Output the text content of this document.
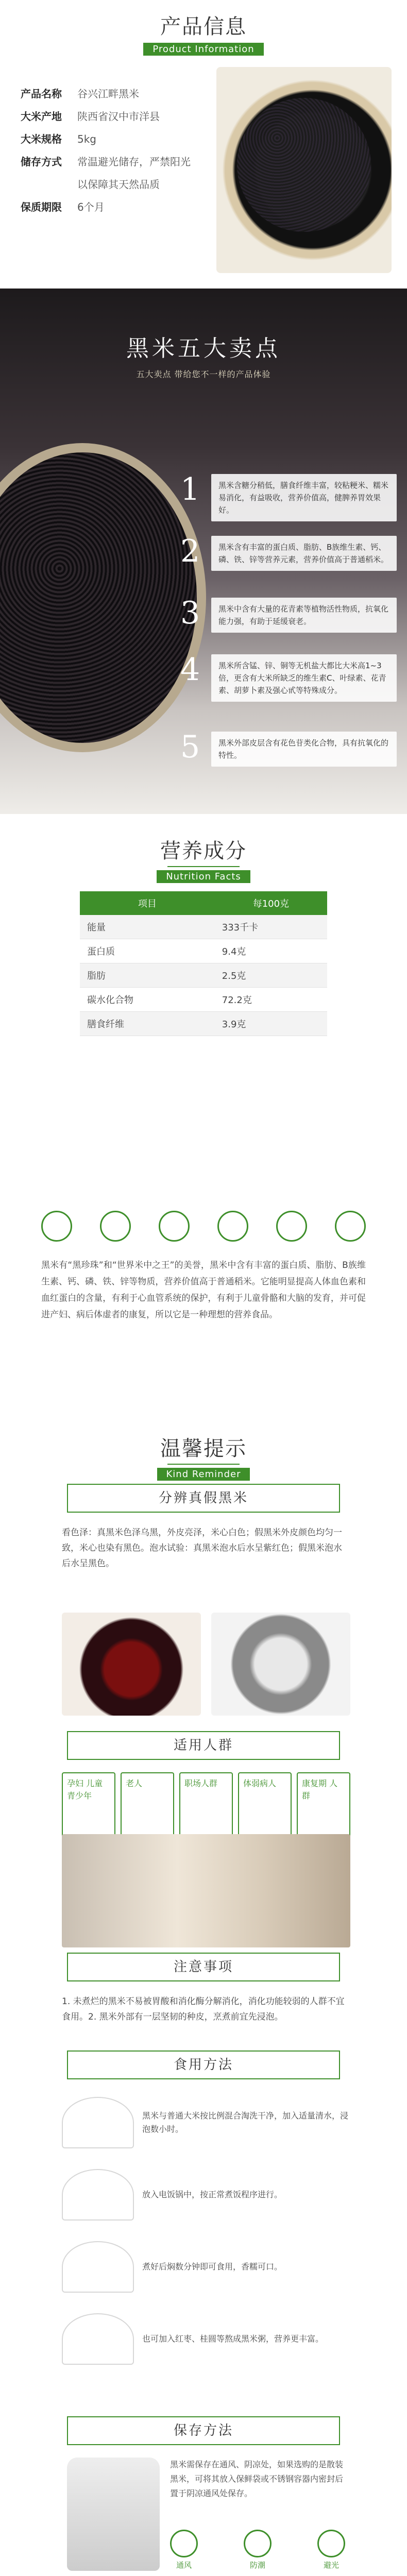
产品信息
Product Information
产品名称	谷兴江畔黑米
大米产地	陕西省汉中市洋县
大米规格	5kg
储存方式	常温避光储存，严禁阳光
以保障其天然品质
保质期限	6个月
黑米五大卖点
五大卖点 带给您不一样的产品体验
1	黑米含糖分稍低，膳食纤维丰富，较粘粳米、糯米易消化，有益吸收，营养价值高，健脾养胃效果好。
2	黑米含有丰富的蛋白质、脂肪、B族维生素、钙、磷、铁、锌等营养元素，营养价值高于普通稻米。
3	黑米中含有大量的花青素等植物活性物质，抗氧化能力强，有助于延缓衰老。
4	黑米所含锰、锌、铜等无机盐大都比大米高1~3倍，更含有大米所缺乏的维生素C、叶绿素、花青素、胡萝卜素及强心甙等特殊成分。
5	黑米外部皮层含有花色苷类化合物，具有抗氧化的特性。
营养成分
Nutrition Facts
项目	每100克
能量	333千卡
蛋白质	9.4克
脂肪	2.5克
碳水化合物	72.2克
膳食纤维	3.9克
黑米有“黑珍珠”和“世界米中之王”的美誉，黑米中含有丰富的蛋白质、脂肪、B族维生素、钙、磷、铁、锌等物质，营养价值高于普通稻米。它能明显提高人体血色素和血红蛋白的含量，有利于心血管系统的保护，有利于儿童骨骼和大脑的发育，并可促进产妇、病后体虚者的康复，所以它是一种理想的营养食品。
温馨提示
Kind Reminder
分辨真假黑米
看色泽：真黑米色泽乌黑，外皮亮泽，米心白色；假黑米外皮颜色均匀一致，米心也染有黑色。泡水试验：真黑米泡水后水呈紫红色；假黑米泡水后水呈黑色。
适用人群
孕妇 儿童 青少年
老人	职场人群	体弱病人	康复期 人群
注意事项
1. 未煮烂的黑米不易被胃酸和消化酶分解消化，消化功能较弱的人群不宜食用。2. 黑米外部有一层坚韧的种皮，烹煮前宜先浸泡。
食用方法
黑米与普通大米按比例混合淘洗干净，加入适量清水，浸泡数小时。
放入电饭锅中，按正常煮饭程序进行。
煮好后焖数分钟即可食用，香糯可口。
也可加入红枣、桂圆等熬成黑米粥，营养更丰富。
保存方法
黑米需保存在通风、阴凉处，如果选购的是散装黑米，可将其放入保鲜袋或不锈钢容器内密封后置于阴凉通风处保存。
通风	防潮	避光
